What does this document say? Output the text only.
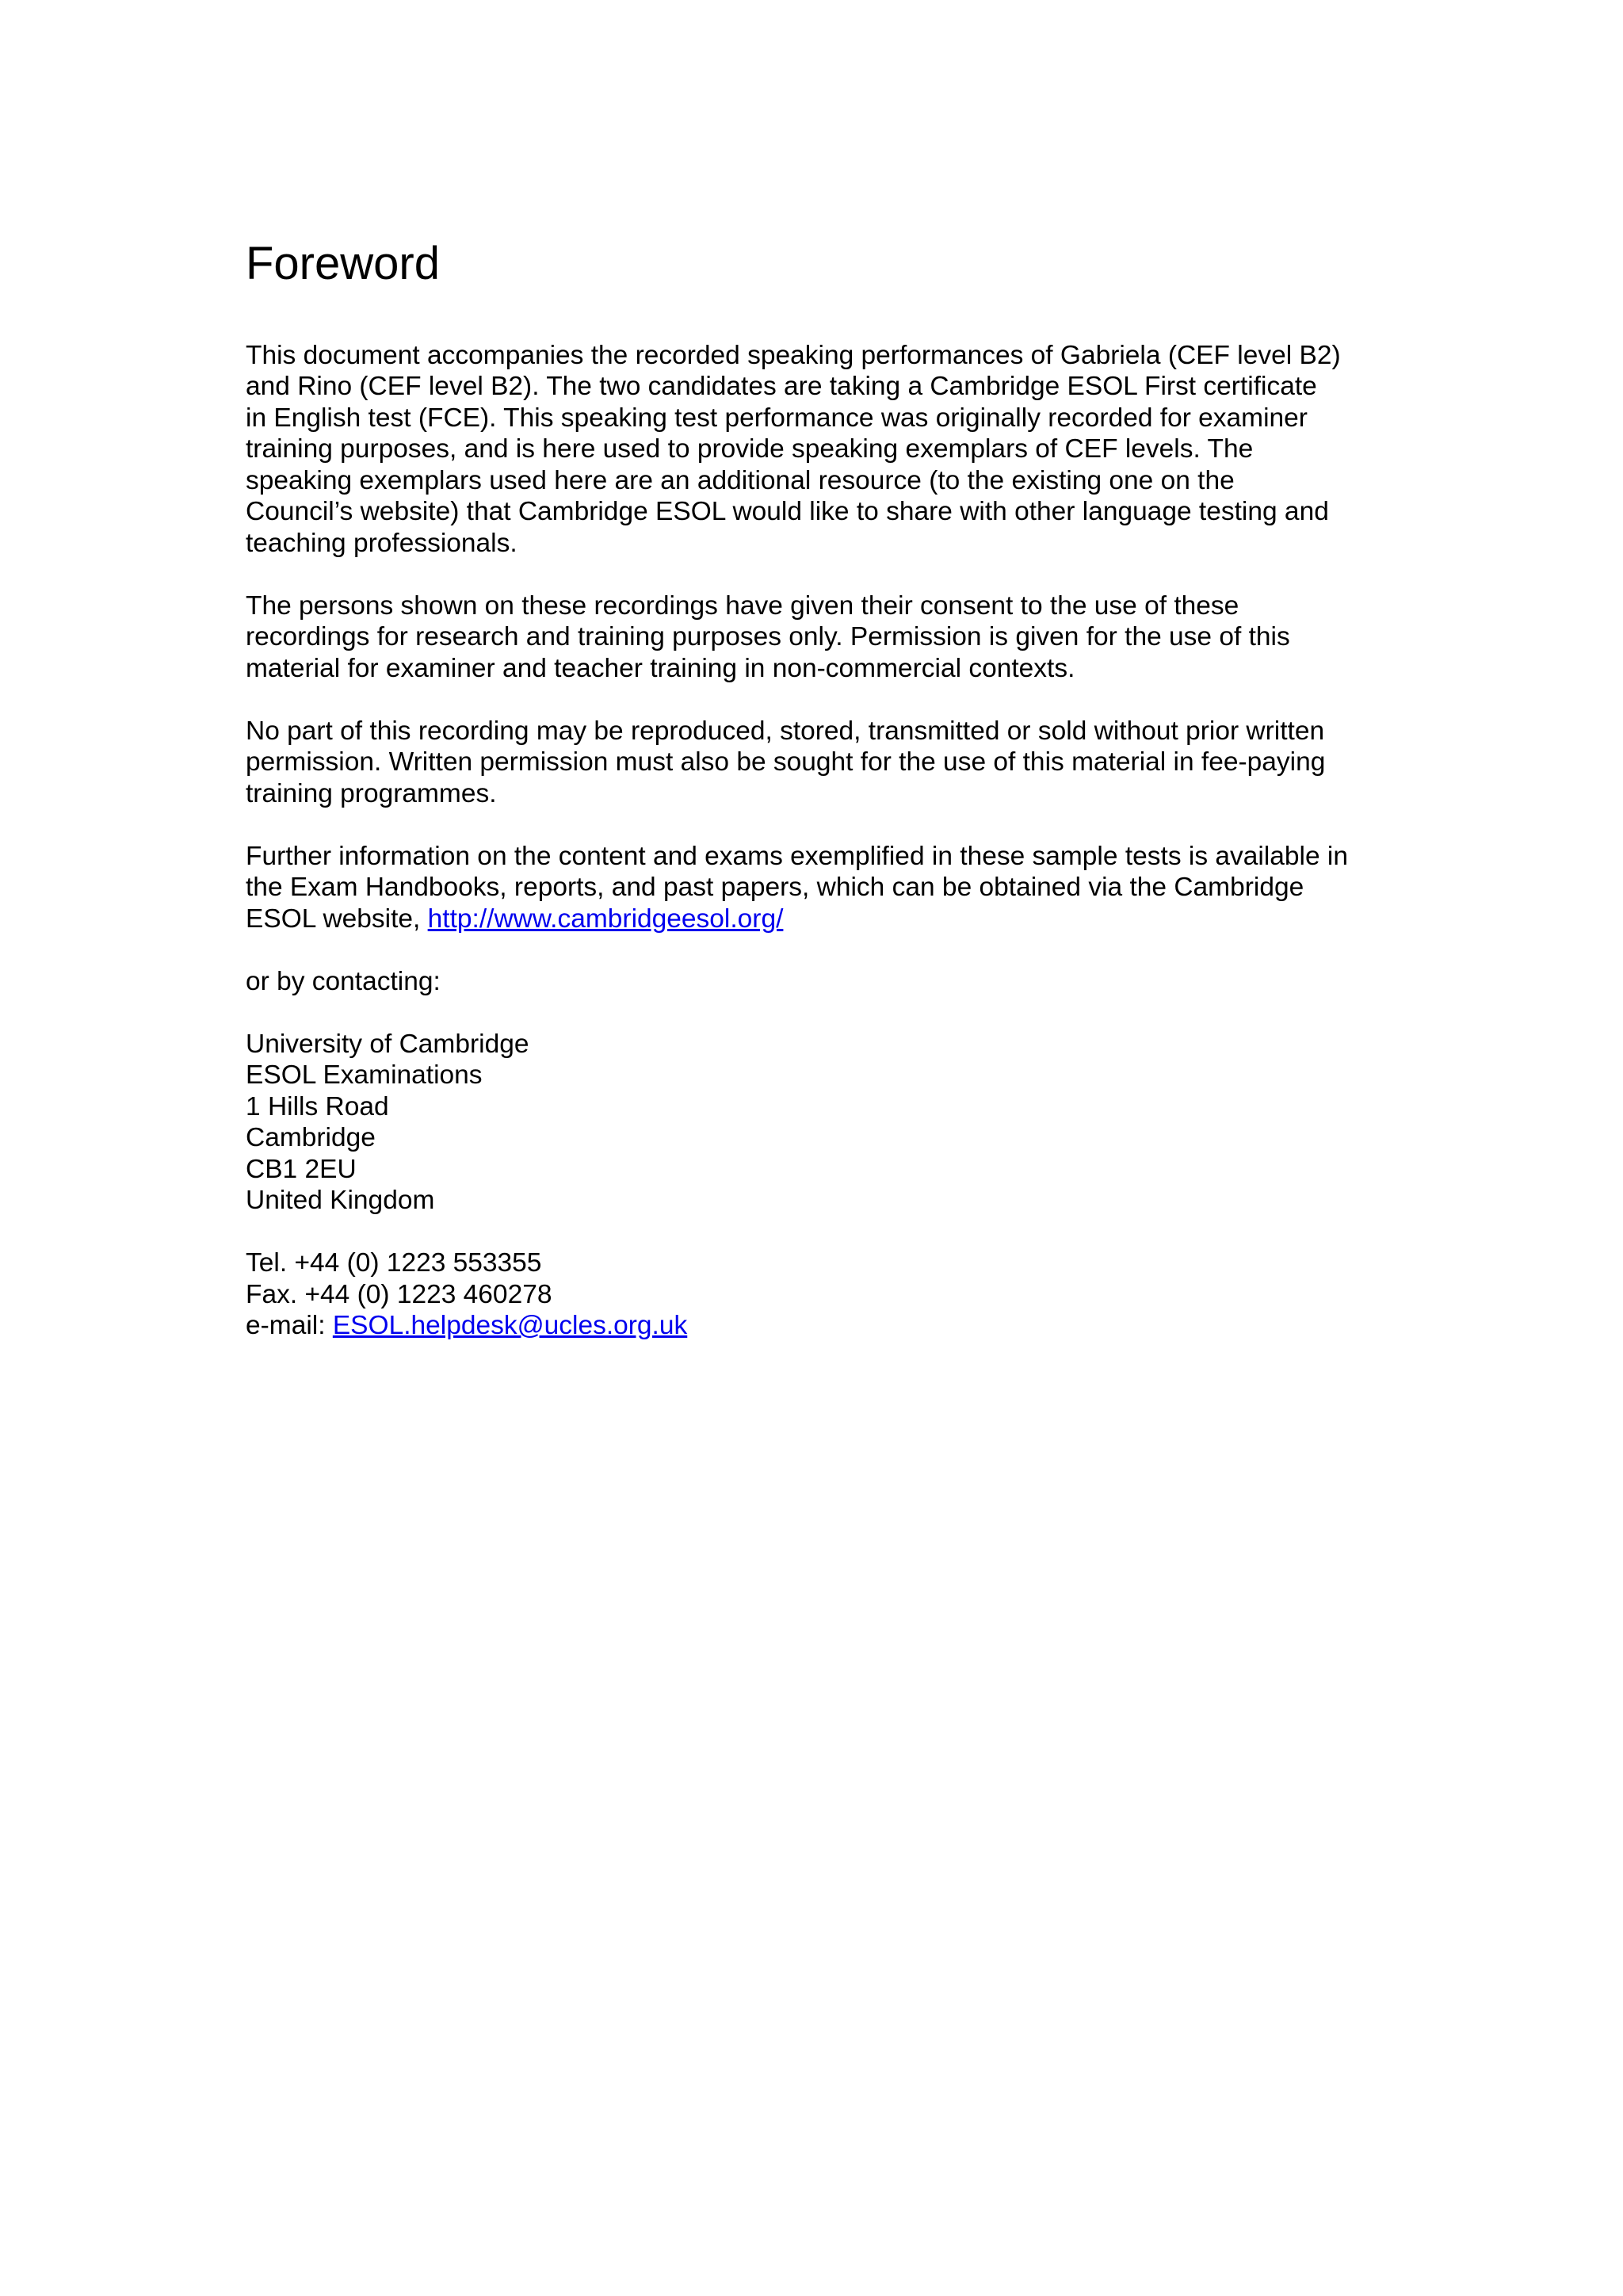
Foreword

This document accompanies the recorded speaking performances of Gabriela (CEF level B2)
and Rino (CEF level B2). The two candidates are taking a Cambridge ESOL First certificate
in English test (FCE). This speaking test performance was originally recorded for examiner
training purposes, and is here used to provide speaking exemplars of CEF levels. The
speaking exemplars used here are an additional resource (to the existing one on the
Council’s website) that Cambridge ESOL would like to share with other language testing and
teaching professionals.

The persons shown on these recordings have given their consent to the use of these
recordings for research and training purposes only. Permission is given for the use of this
material for examiner and teacher training in non-commercial contexts.

No part of this recording may be reproduced, stored, transmitted or sold without prior written
permission. Written permission must also be sought for the use of this material in fee-paying
training programmes.

Further information on the content and exams exemplified in these sample tests is available in
the Exam Handbooks, reports, and past papers, which can be obtained via the Cambridge
ESOL website, http://www.cambridgeesol.org/

or by contacting:

University of Cambridge
ESOL Examinations
1 Hills Road
Cambridge
CB1 2EU
United Kingdom

Tel. +44 (0) 1223 553355
Fax. +44 (0) 1223 460278
e-mail: ESOL.helpdesk@ucles.org.uk
